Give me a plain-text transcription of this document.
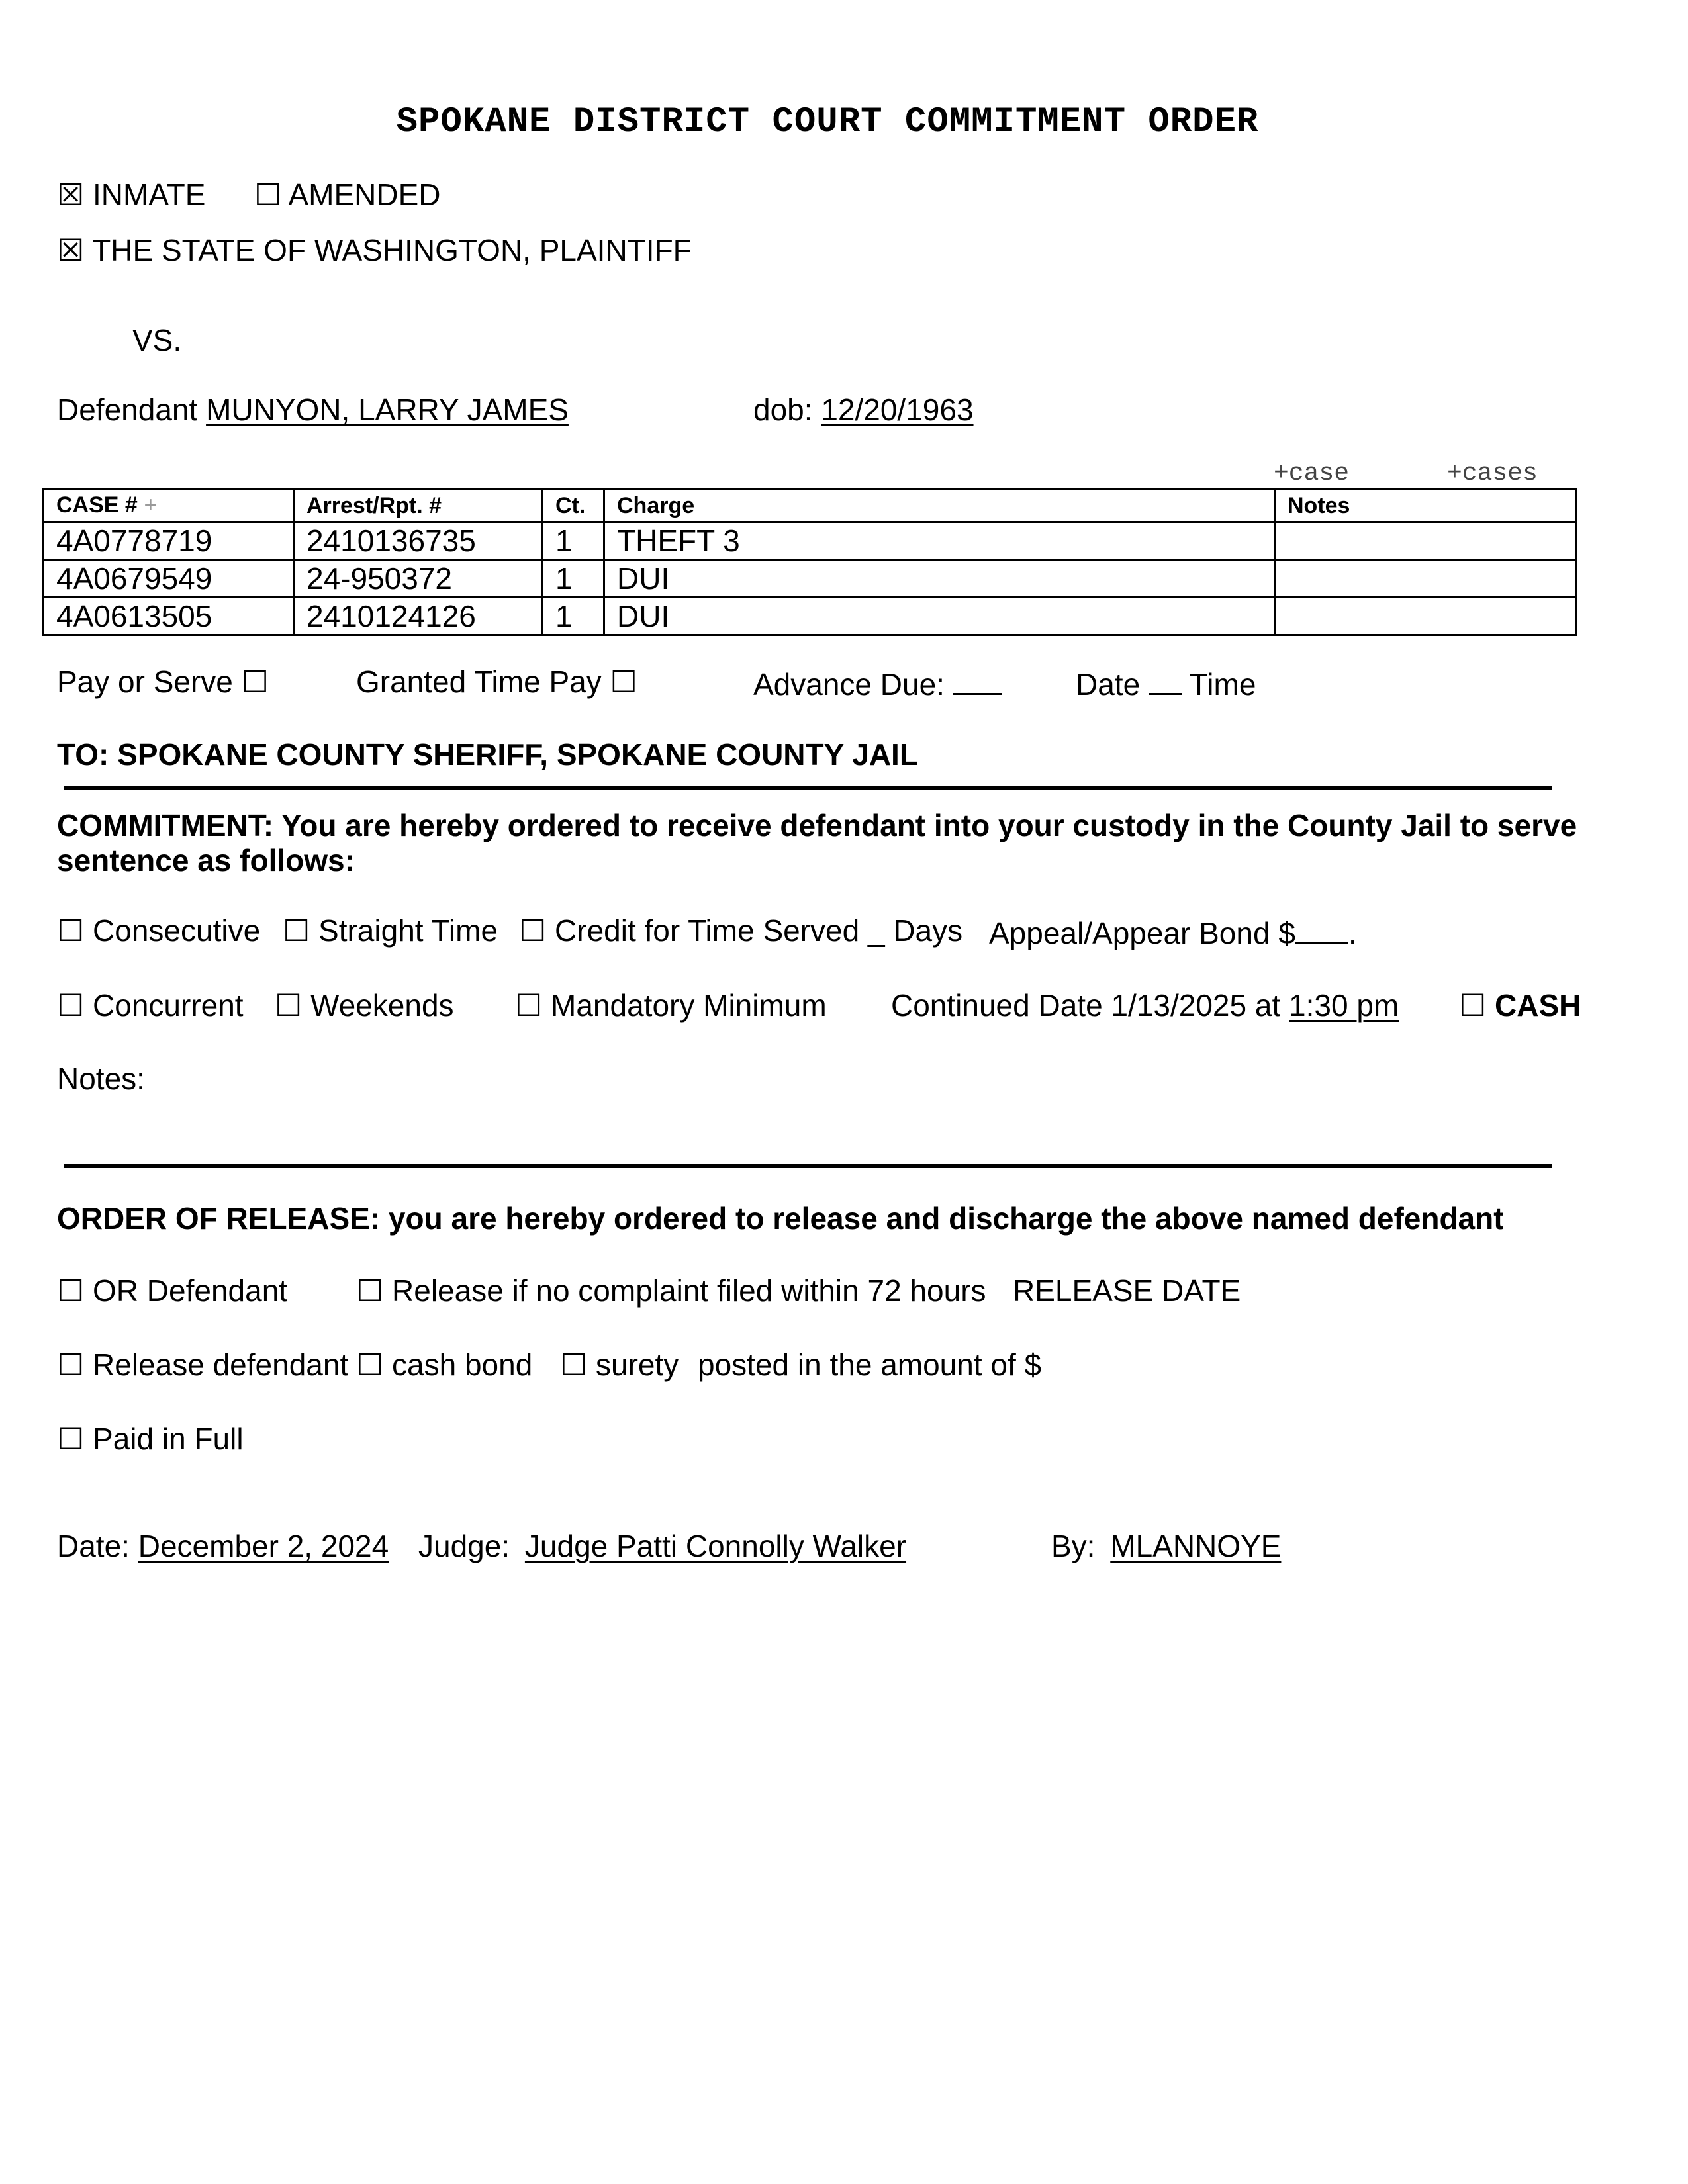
SPOKANE DISTRICT COURT COMMITMENT ORDER
☒ INMATE ☐ AMENDED
☒ THE STATE OF WASHINGTON, PLAINTIFF
VS.
Defendant MUNYON, LARRY JAMES	dob: 12/20/1963
+case	+cases
CASE # +	Arrest/Rpt. #	Ct.	Charge	Notes
4A0778719	2410136735	1	THEFT 3	
4A0679549	24-950372	1	DUI	
4A0613505	2410124126	1	DUI	
Pay or Serve ☐	Granted Time Pay ☐	Advance Due:	Date Time
TO: SPOKANE COUNTY SHERIFF, SPOKANE COUNTY JAIL
COMMITMENT: You are hereby ordered to receive defendant into your custody in the County Jail to serve
sentence as follows:
☐ Consecutive ☐ Straight Time ☐ Credit for Time Served _ Days Appeal/Appear Bond $ .
☐ Concurrent ☐ Weekends ☐ Mandatory Minimum Continued Date 1/13/2025 at 1:30 pm ☐ CASH
Notes:
ORDER OF RELEASE: you are hereby ordered to release and discharge the above named defendant
☐ OR Defendant ☐ Release if no complaint filed within 72 hours RELEASE DATE
☐ Release defendant ☐ cash bond ☐ surety posted in the amount of $
☐ Paid in Full
Date: December 2, 2024 Judge: Judge Patti Connolly Walker	By: MLANNOYE
